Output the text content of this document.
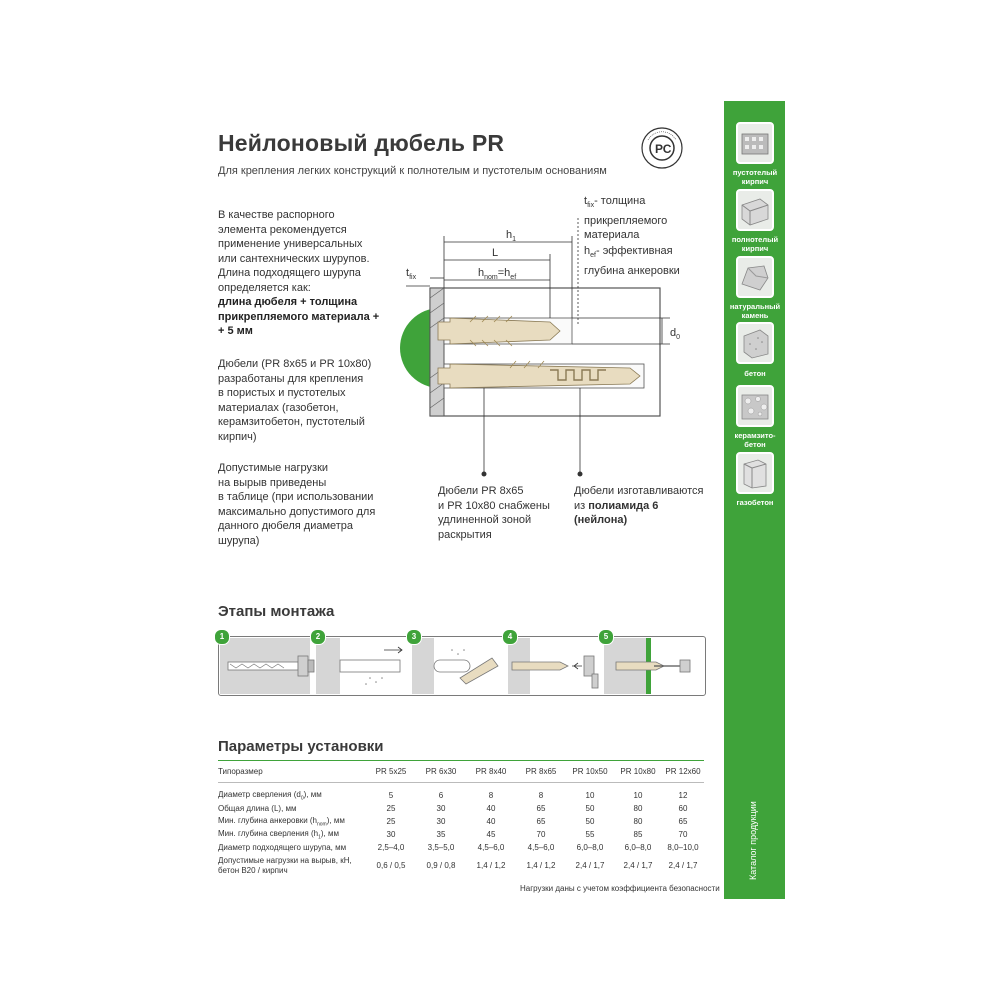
Нейлоновый дюбель PR
Для крепления легких конструкций к полнотелым и пустотелым основаниям
РС
В качестве распорного
элемента рекомендуется
применение универсальных
или сантехнических шурупов.
Длина подходящего шурупа
определяется как:
длина дюбеля + толщина
прикрепляемого материала +
+ 5 мм
Дюбели (PR 8x65 и PR 10x80)
разработаны для крепления
в пористых и пустотелых
материалах (газобетон,
керамзитобетон, пустотелый
кирпич)
Допустимые нагрузки
на вырыв приведены
в таблице (при использовании
максимально допустимого для
данного дюбеля диаметра
шурупа)
$h_1$
L
$h_{nom}=h_{ef}$
$t_{fix}$
$d_0$
$t_{fix}-$ толщина
прикрепляемого
материала
$h_{ef}-$ эффективная
глубина анкеровки
Дюбели PR 8x65
и PR 10x80 снабжены
удлиненной зоной
раскрытия
Дюбели изготавливаются
из полиамида 6
(нейлона)
пустотелый кирпич
полнотелый кирпич
натуральный камень
бетон
керамзито-бетон
газобетон
Каталог продукции
Этапы монтажа
1	2	3	4	5
Параметры установки
Типоразмер	PR 5x25	PR 6x30	PR 8x40	PR 8x65	PR 10x50	PR 10x80	PR 12x60

Диаметр сверления $(d_0)$, мм	5	6	8	8	10	10	12
Общая длина (L), мм	25	30	40	65	50	80	60
Мин. глубина анкеровки $(h_{nom})$, мм	25	30	40	65	50	80	65
Мин. глубина сверления $(h_1)$, мм	30	35	45	70	55	85	70
Диаметр подходящего шурупа, мм	2,5–4,0	3,5–5,0	4,5–6,0	4,5–6,0	6,0–8,0	6,0–8,0	8,0–10,0

Допустимые нагрузки на вырыв, кН,
бетон В20 / кирпич	0,6 / 0,5	0,9 / 0,8	1,4 / 1,2	1,4 / 1,2	2,4 / 1,7	2,4 / 1,7	2,4 / 1,7
Нагрузки даны с учетом коэффициента безопасности
